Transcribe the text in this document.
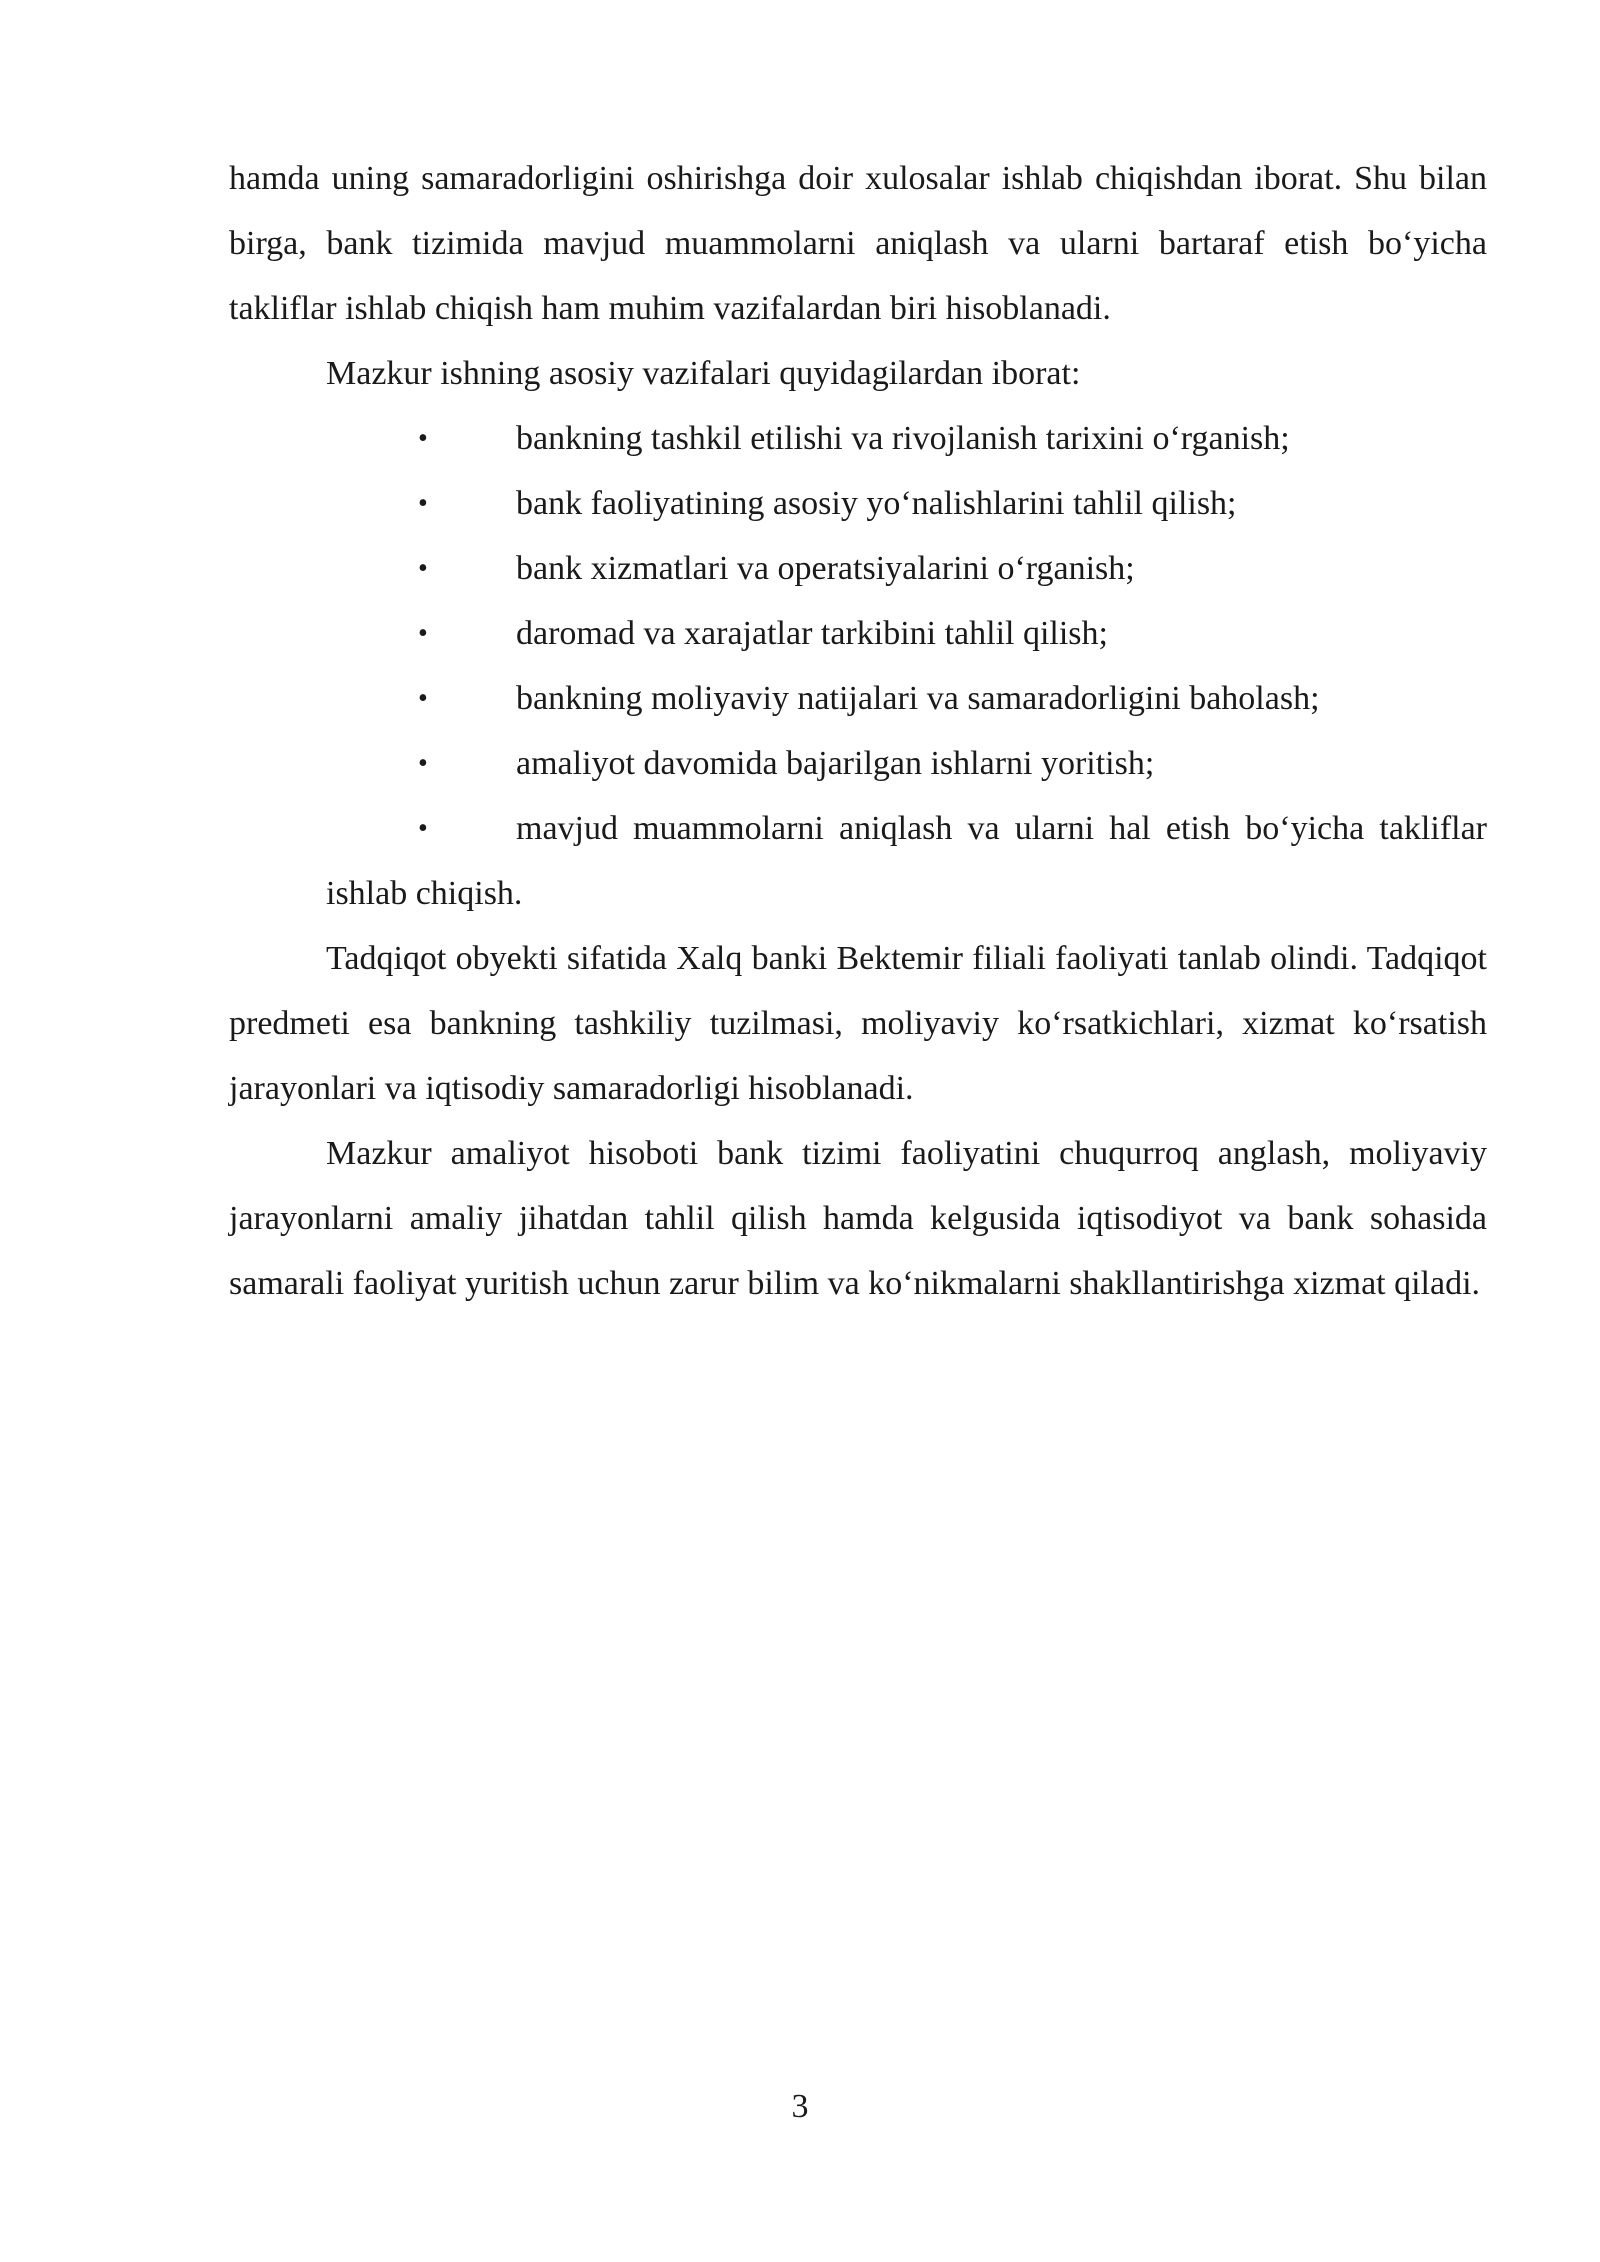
hamda uning samaradorligini oshirishga doir xulosalar ishlab chiqishdan iborat. Shu bilan birga, bank tizimida mavjud muammolarni aniqlash va ularni bartaraf etish bo‘yicha takliflar ishlab chiqish ham muhim vazifalardan biri hisoblanadi.

Mazkur ishning asosiy vazifalari quyidagilardan iborat:

•	bankning tashkil etilishi va rivojlanish tarixini o‘rganish;
•	bank faoliyatining asosiy yo‘nalishlarini tahlil qilish;
•	bank xizmatlari va operatsiyalarini o‘rganish;
•	daromad va xarajatlar tarkibini tahlil qilish;
•	bankning moliyaviy natijalari va samaradorligini baholash;
•	amaliyot davomida bajarilgan ishlarni yoritish;
•	mavjud muammolarni aniqlash va ularni hal etish bo‘yicha takliflar ishlab chiqish.

Tadqiqot obyekti sifatida Xalq banki Bektemir filiali faoliyati tanlab olindi. Tadqiqot predmeti esa bankning tashkiliy tuzilmasi, moliyaviy ko‘rsatkichlari, xizmat ko‘rsatish jarayonlari va iqtisodiy samaradorligi hisoblanadi.

Mazkur amaliyot hisoboti bank tizimi faoliyatini chuqurroq anglash, moliyaviy jarayonlarni amaliy jihatdan tahlil qilish hamda kelgusida iqtisodiyot va bank sohasida samarali faoliyat yuritish uchun zarur bilim va ko‘nikmalarni shakllantirishga xizmat qiladi.

3
